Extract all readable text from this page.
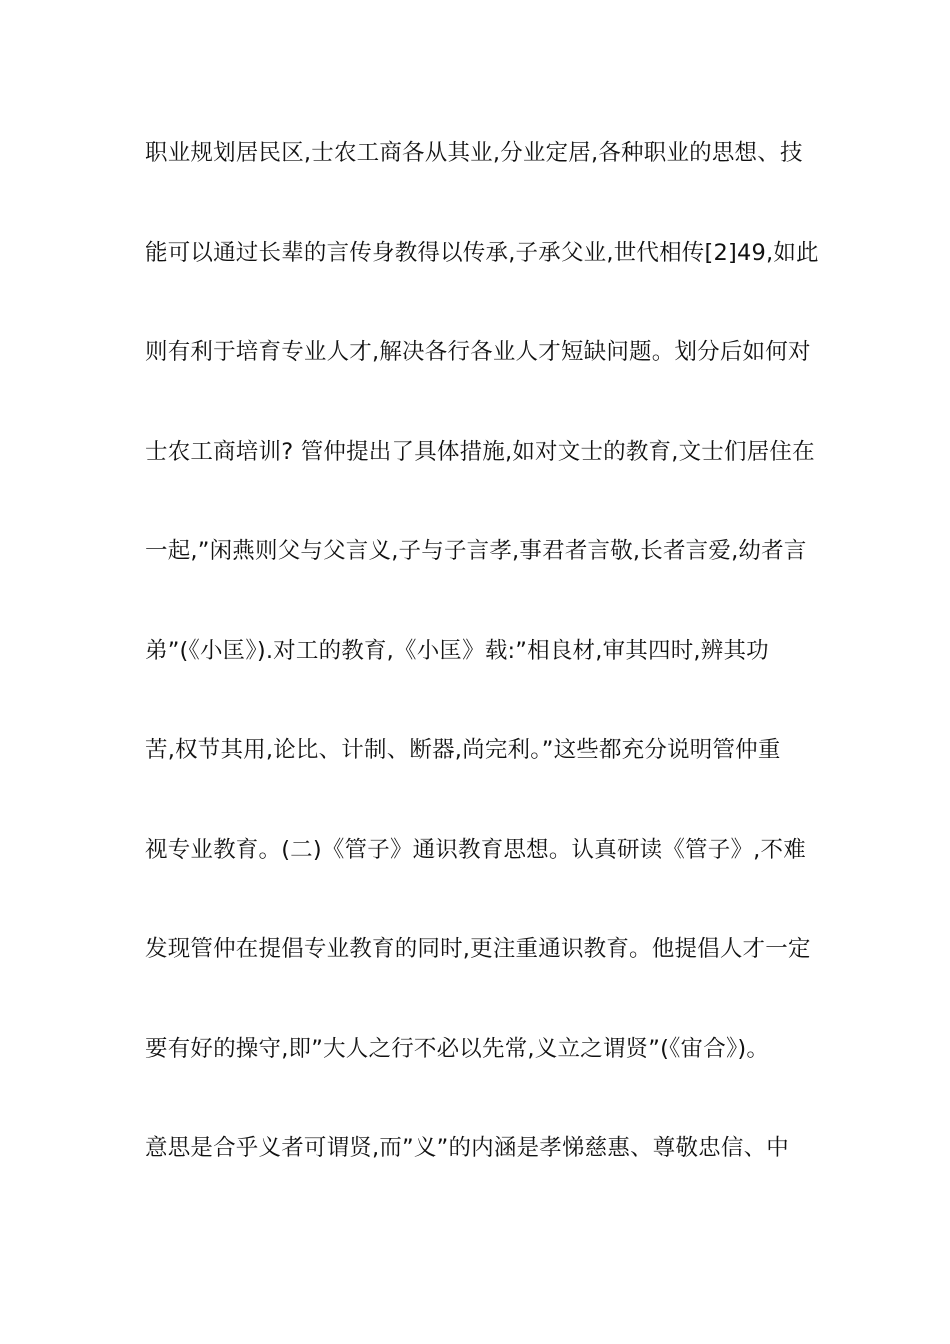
职业规划居民区,士农工商各从其业,分业定居,各种职业的思想、技
能可以通过长辈的言传身教得以传承,子承父业,世代相传[2]49,如此
则有利于培育专业人才,解决各行各业人才短缺问题。划分后如何对
士农工商培训? 管仲提出了具体措施,如对文士的教育,文士们居住在
一起,”闲燕则父与父言义,子与子言孝,事君者言敬,长者言爱,幼者言
弟”(《小匡》).对工的教育,《小匡》载:”相良材,审其四时,辨其功
苦,权节其用,论比、计制、断器,尚完利。”这些都充分说明管仲重
视专业教育。(二)《管子》通识教育思想。认真研读《管子》,不难
发现管仲在提倡专业教育的同时,更注重通识教育。他提倡人才一定
要有好的操守,即”大人之行不必以先常,义立之谓贤”(《宙合》)。
意思是合乎义者可谓贤,而”义”的内涵是孝悌慈惠、尊敬忠信、中
